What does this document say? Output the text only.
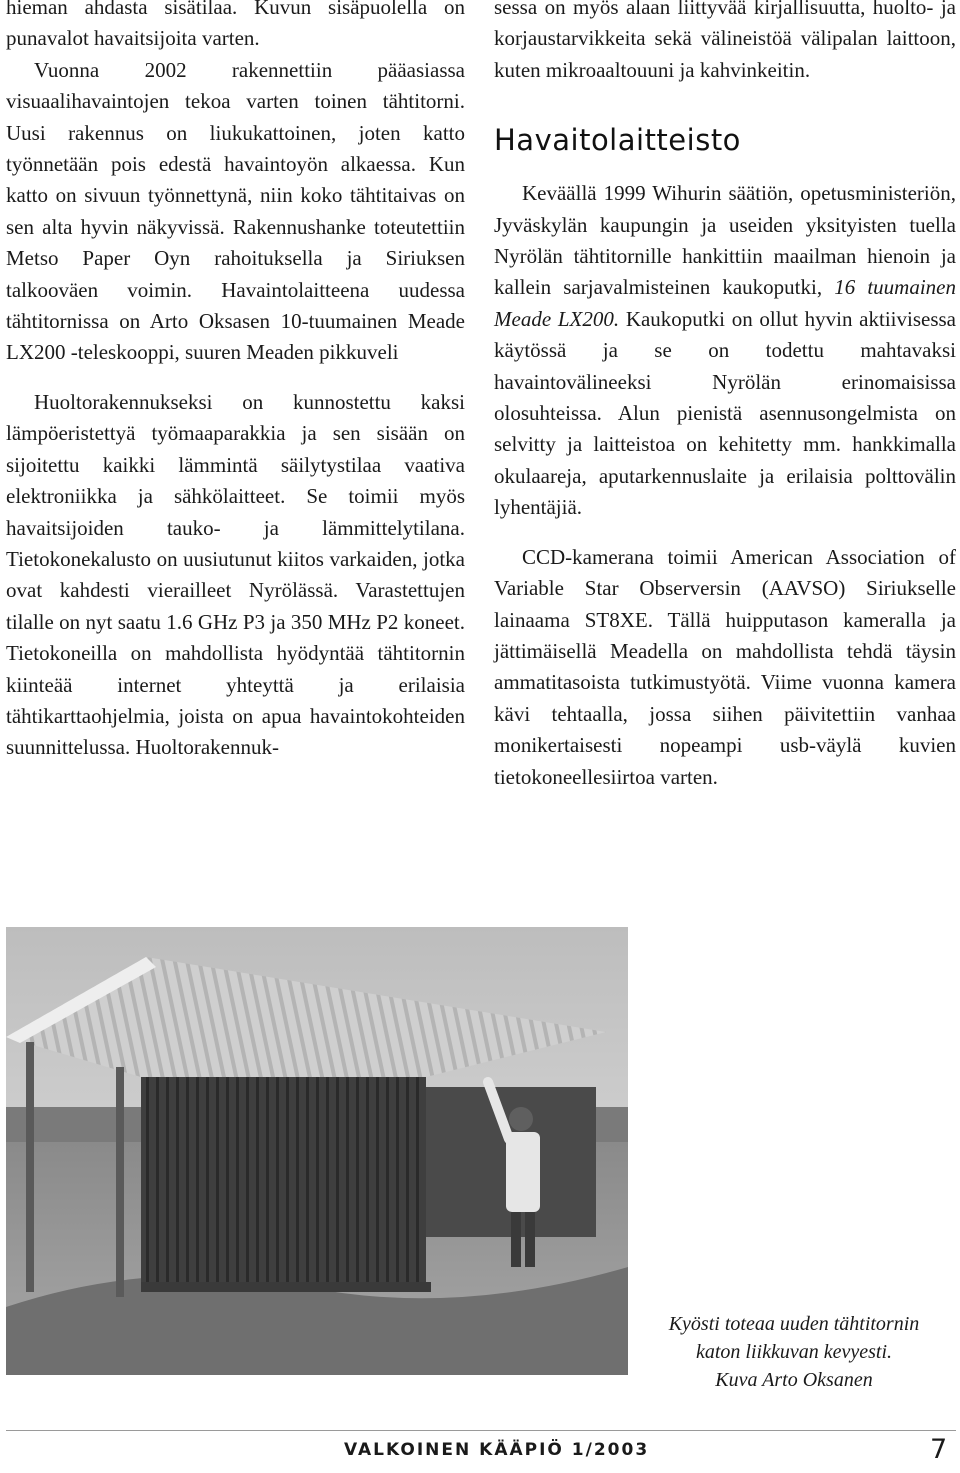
hieman ahdasta sisätilaa. Kuvun sisäpuolella on punavalot havaitsijoita varten.

Vuonna 2002 rakennettiin pääasiassa visuaalihavaintojen tekoa varten toinen tähtitorni. Uusi rakennus on liukukattoinen, joten katto työnnetään pois edestä havaintoyön alkaessa. Kun katto on sivuun työnnettynä, niin koko tähtitaivas on sen alta hyvin näkyvissä. Rakennushanke toteutettiin Metso Paper Oyn rahoituksella ja Siriuksen talkooväen voimin. Havaintolaitteena uudessa tähtitornissa on Arto Oksasen 10-tuumainen Meade LX200 -teleskooppi, suuren Meaden pikkuveli

Huoltorakennukseksi on kunnostettu kaksi lämpöeristettyä työmaaparakkia ja sen sisään on sijoitettu kaikki lämmintä säilytystilaa vaativa elektroniikka ja sähkölaitteet. Se toimii myös havaitsijoiden tauko- ja lämmittelytilana. Tietokonekalusto on uusiutunut kiitos varkaiden, jotka ovat kahdesti vierailleet Nyrölässä. Varastettujen tilalle on nyt saatu 1.6 GHz P3 ja 350 MHz P2 koneet. Tietokoneilla on mahdollista hyödyntää tähtitornin kiinteää internet yhteyttä ja erilaisia tähtikarttaohjelmia, joista on apua havaintokohteiden suunnittelussa. Huoltorakennuk-

sessa on myös alaan liittyvää kirjallisuutta, huolto- ja korjaustarvikkeita sekä välineistöä välipalan laittoon, kuten mikroaaltouuni ja kahvinkeitin.

Havaitolaitteisto

Keväällä 1999 Wihurin säätiön, opetusministeriön, Jyväskylän kaupungin ja useiden yksityisten tuella Nyrölän tähtitornille hankittiin maailman hienoin ja kallein sarjavalmisteinen kaukoputki, 16 tuumainen Meade LX200. Kaukoputki on ollut hyvin aktiivisessa käytössä ja se on todettu mahtavaksi havaintovälineeksi Nyrölän erinomaisissa olosuhteissa. Alun pienistä asennusongelmista on selvitty ja laitteistoa on kehitetty mm. hankkimalla okulaareja, aputarkennuslaite ja erilaisia polttovälin lyhentäjiä.

CCD-kamerana toimii American Association of Variable Star Observersin (AAVSO) Siriukselle lainaama ST8XE. Tällä huipputason kameralla ja jättimäisellä Meadella on mahdollista tehdä täysin ammatitasoista tutkimustyötä. Viime vuonna kamera kävi tehtaalla, jossa siihen päivitettiin vanhaa monikertaisesti nopeampi usb-väylä kuvien tietokoneellesiirtoa varten.

Kyösti toteaa uuden tähtitornin
katon liikkuvan kevyesti.
Kuva Arto Oksanen
VALKOINEN KÄÄPIÖ 1/2003	7
